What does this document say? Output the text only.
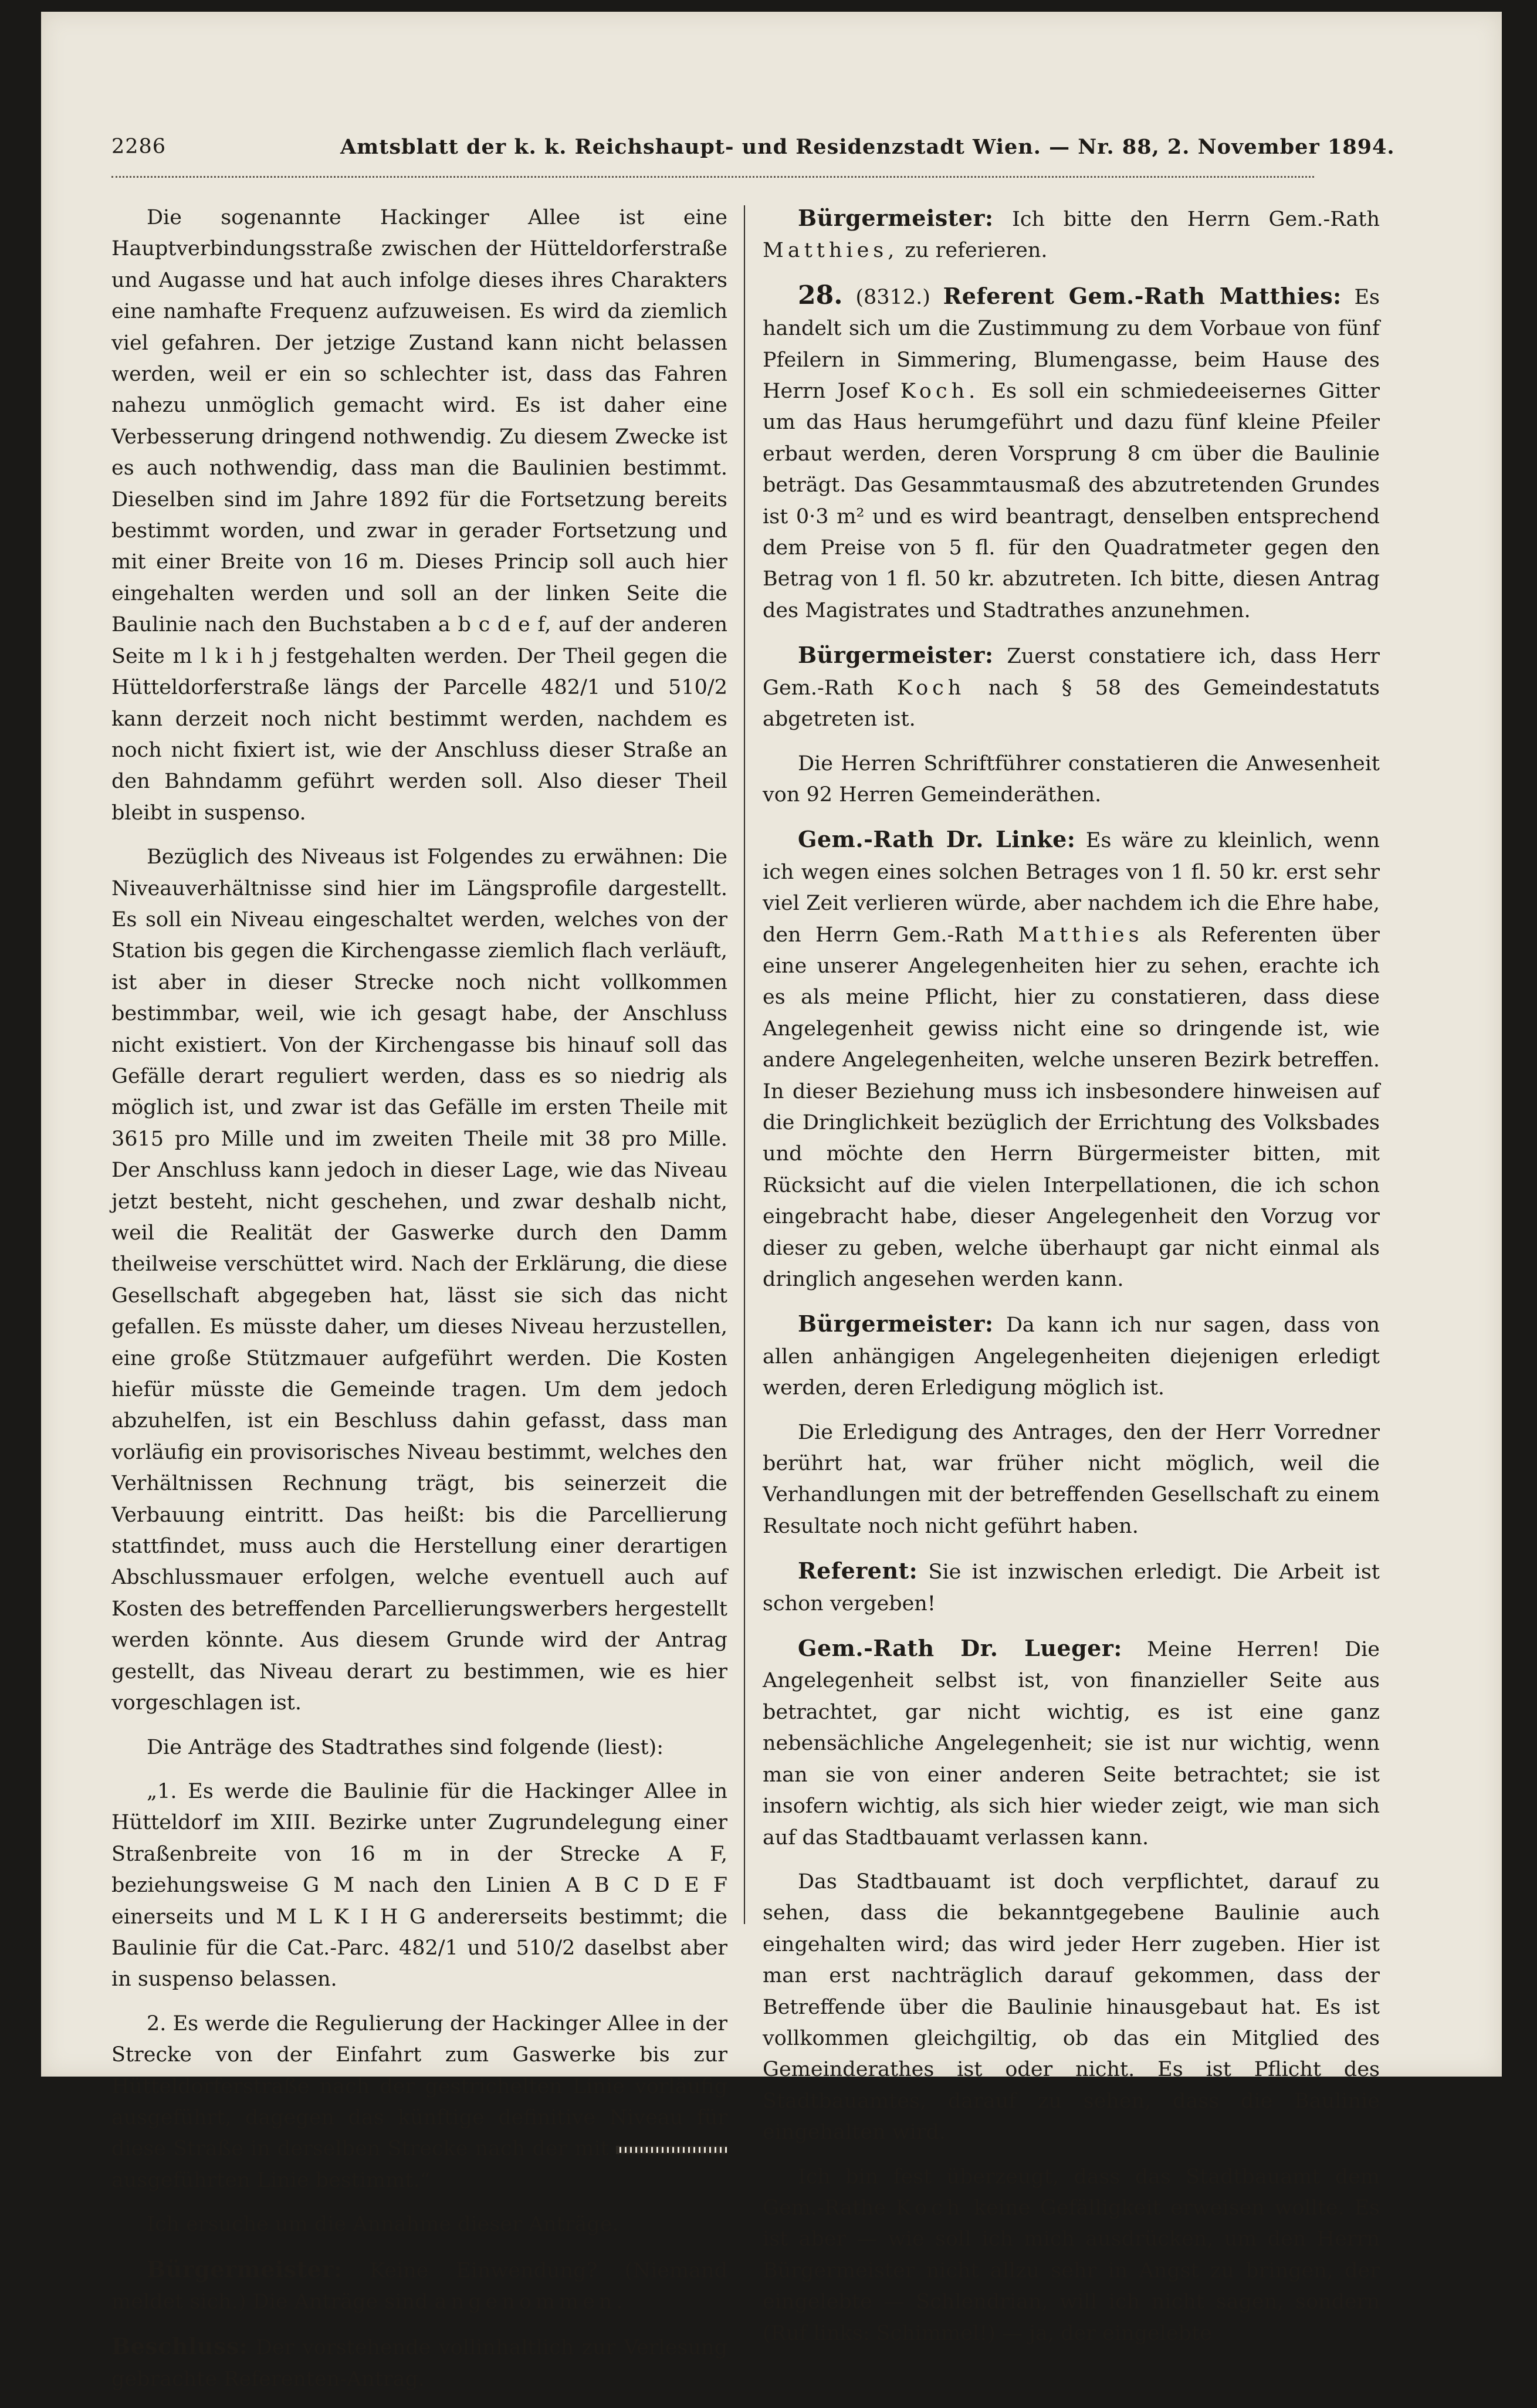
2286	Amtsblatt der k. k. Reichshaupt- und Residenzstadt Wien. — Nr. 88, 2. November 1894.

Die sogenannte Hackinger Allee ist eine Hauptverbindungsstraße zwischen der Hütteldorferstraße und Augasse und hat auch infolge dieses ihres Charakters eine namhafte Frequenz aufzuweisen. Es wird da ziemlich viel gefahren. Der jetzige Zustand kann nicht belassen werden, weil er ein so schlechter ist, dass das Fahren nahezu unmöglich gemacht wird. Es ist daher eine Verbesserung dringend nothwendig. Zu diesem Zwecke ist es auch nothwendig, dass man die Baulinien bestimmt. Dieselben sind im Jahre 1892 für die Fortsetzung bereits bestimmt worden, und zwar in gerader Fortsetzung und mit einer Breite von 16 m. Dieses Princip soll auch hier eingehalten werden und soll an der linken Seite die Baulinie nach den Buchstaben a b c d e f, auf der anderen Seite m l k i h j festgehalten werden. Der Theil gegen die Hütteldorferstraße längs der Parcelle 482/1 und 510/2 kann derzeit noch nicht bestimmt werden, nachdem es noch nicht fixiert ist, wie der Anschluss dieser Straße an den Bahndamm geführt werden soll. Also dieser Theil bleibt in suspenso.

Bezüglich des Niveaus ist Folgendes zu erwähnen: Die Niveauverhältnisse sind hier im Längsprofile dargestellt. Es soll ein Niveau eingeschaltet werden, welches von der Station bis gegen die Kirchengasse ziemlich flach verläuft, ist aber in dieser Strecke noch nicht vollkommen bestimmbar, weil, wie ich gesagt habe, der Anschluss nicht existiert. Von der Kirchengasse bis hinauf soll das Gefälle derart reguliert werden, dass es so niedrig als möglich ist, und zwar ist das Gefälle im ersten Theile mit 3615 pro Mille und im zweiten Theile mit 38 pro Mille. Der Anschluss kann jedoch in dieser Lage, wie das Niveau jetzt besteht, nicht geschehen, und zwar deshalb nicht, weil die Realität der Gaswerke durch den Damm theilweise verschüttet wird. Nach der Erklärung, die diese Gesellschaft abgegeben hat, lässt sie sich das nicht gefallen. Es müsste daher, um dieses Niveau herzustellen, eine große Stützmauer aufgeführt werden. Die Kosten hiefür müsste die Gemeinde tragen. Um dem jedoch abzuhelfen, ist ein Beschluss dahin gefasst, dass man vorläufig ein provisorisches Niveau bestimmt, welches den Verhältnissen Rechnung trägt, bis seinerzeit die Verbauung eintritt. Das heißt: bis die Parcellierung stattfindet, muss auch die Herstellung einer derartigen Abschlussmauer erfolgen, welche eventuell auch auf Kosten des betreffenden Parcellierungswerbers hergestellt werden könnte. Aus diesem Grunde wird der Antrag gestellt, das Niveau derart zu bestimmen, wie es hier vorgeschlagen ist.

Die Anträge des Stadtrathes sind folgende (liest):

„1. Es werde die Baulinie für die Hackinger Allee in Hütteldorf im XIII. Bezirke unter Zugrundelegung einer Straßenbreite von 16 m in der Strecke A F, beziehungsweise G M nach den Linien A B C D E F einerseits und M L K I H G andererseits bestimmt; die Baulinie für die Cat.-Parc. 482/1 und 510/2 daselbst aber in suspenso belassen.

2. Es werde die Regulierung der Hackinger Allee in der Strecke von der Einfahrt zum Gaswerke bis zur Hütteldorferstraße nach der gestrichelten Linie vorläufig ausgeführt, dagegen das künftige definitive Niveau für diese Straße in derselben Strecke nach der mit  ausgeführten Linie bestimmt.“

Ich ersuche um die Annahme dieser Anträge.

Bürgermeister: Keine Einwendung? (Niemand meldet sich.) Die Anträge sind angenommen.

Beschluss: Der vorstehende vollinhaltlich zur Verlesung gebrachte Referenten-Antrag.

Bürgermeister: Ich bitte den Herrn Gem.-Rath Matthies, zu referieren.

28. (8312.) Referent Gem.-Rath Matthies: Es handelt sich um die Zustimmung zu dem Vorbaue von fünf Pfeilern in Simmering, Blumengasse, beim Hause des Herrn Josef Koch. Es soll ein schmiedeeisernes Gitter um das Haus herumgeführt und dazu fünf kleine Pfeiler erbaut werden, deren Vorsprung 8 cm über die Baulinie beträgt. Das Gesammtausmaß des abzutretenden Grundes ist 0·3 m² und es wird beantragt, denselben entsprechend dem Preise von 5 fl. für den Quadratmeter gegen den Betrag von 1 fl. 50 kr. abzutreten. Ich bitte, diesen Antrag des Magistrates und Stadtrathes anzunehmen.

Bürgermeister: Zuerst constatiere ich, dass Herr Gem.-Rath Koch nach § 58 des Gemeindestatuts abgetreten ist.

Die Herren Schriftführer constatieren die Anwesenheit von 92 Herren Gemeinderäthen.

Gem.-Rath Dr. Linke: Es wäre zu kleinlich, wenn ich wegen eines solchen Betrages von 1 fl. 50 kr. erst sehr viel Zeit verlieren würde, aber nachdem ich die Ehre habe, den Herrn Gem.-Rath Matthies als Referenten über eine unserer Angelegenheiten hier zu sehen, erachte ich es als meine Pflicht, hier zu constatieren, dass diese Angelegenheit gewiss nicht eine so dringende ist, wie andere Angelegenheiten, welche unseren Bezirk betreffen. In dieser Beziehung muss ich insbesondere hinweisen auf die Dringlichkeit bezüglich der Errichtung des Volksbades und möchte den Herrn Bürgermeister bitten, mit Rücksicht auf die vielen Interpellationen, die ich schon eingebracht habe, dieser Angelegenheit den Vorzug vor dieser zu geben, welche überhaupt gar nicht einmal als dringlich angesehen werden kann.

Bürgermeister: Da kann ich nur sagen, dass von allen anhängigen Angelegenheiten diejenigen erledigt werden, deren Erledigung möglich ist.

Die Erledigung des Antrages, den der Herr Vorredner berührt hat, war früher nicht möglich, weil die Verhandlungen mit der betreffenden Gesellschaft zu einem Resultate noch nicht geführt haben.

Referent: Sie ist inzwischen erledigt. Die Arbeit ist schon vergeben!

Gem.-Rath Dr. Lueger: Meine Herren! Die Angelegenheit selbst ist, von finanzieller Seite aus betrachtet, gar nicht wichtig, es ist eine ganz nebensächliche Angelegenheit; sie ist nur wichtig, wenn man sie von einer anderen Seite betrachtet; sie ist insofern wichtig, als sich hier wieder zeigt, wie man sich auf das Stadtbauamt verlassen kann.

Das Stadtbauamt ist doch verpflichtet, darauf zu sehen, dass die bekanntgegebene Baulinie auch eingehalten wird; das wird jeder Herr zugeben. Hier ist man erst nachträglich darauf gekommen, dass der Betreffende über die Baulinie hinausgebaut hat. Es ist vollkommen gleichgiltig, ob das ein Mitglied des Gemeinderathes ist oder nicht. Es ist Pflicht des Stadtbauamtes, darauf zu sehen, dass die Baulinie eingehalten wird.

Ich bin fest überzeugt, dass das Stadtbauamt dem Gem.-Rathe Koch keine Gefälligkeit erweisen wollte. Es ist aber — wie soll ich mich ausdrücken, um den Herrn Bürgermeister nicht allzu sehr in Angst zu bringen, der eingelebte — Schlendrian, will ich nicht sagen, sondern (Ruf links: Schimmel!) — ja, der eingelebte
